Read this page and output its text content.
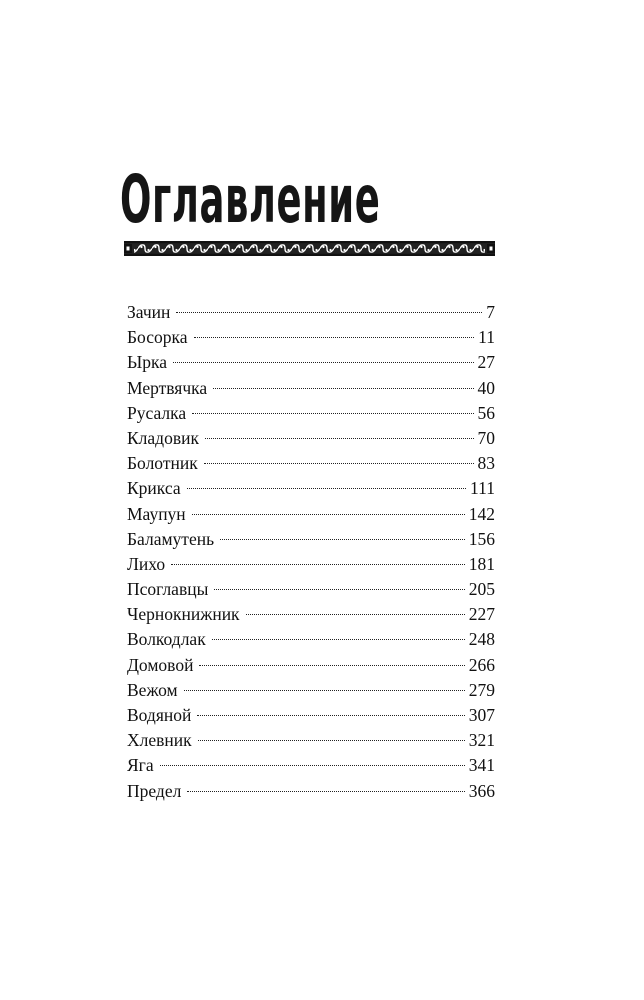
Оглавление
Зачин	7
Босорка	11
Ырка	27
Мертвячка	40
Русалка	56
Кладовик	70
Болотник	83
Крикса	111
Маупун	142
Баламутень	156
Лихо	181
Псоглавцы	205
Чернокнижник	227
Волкодлак	248
Домовой	266
Вежом	279
Водяной	307
Хлевник	321
Яга	341
Предел	366
